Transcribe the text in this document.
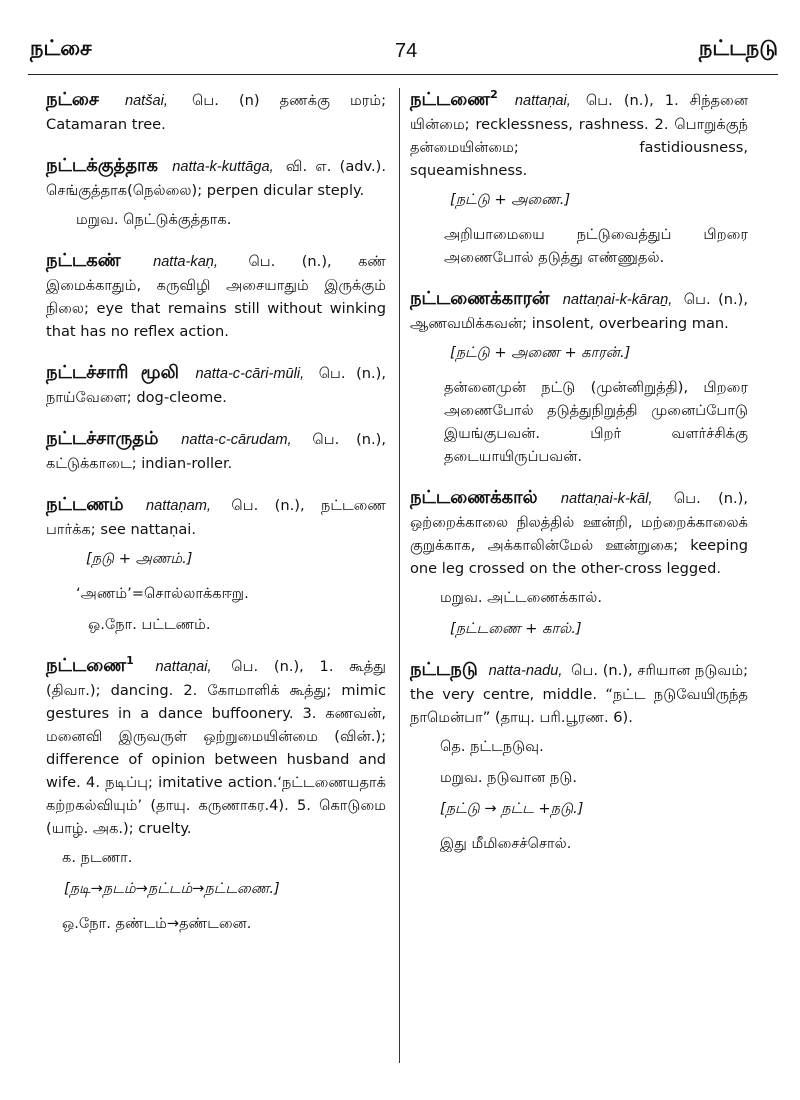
நட்சை	74	நட்டநடு
நட்சை natšai, பெ. (n) தணக்கு மரம்; Catamaran tree.
நட்டக்குத்தாக natta-k-kuttāga, வி. எ. (adv.). செங்குத்தாக(நெல்லை); perpen dicular steply.
மறுவ. நெட்டுக்குத்தாக.
நட்டகண் natta-kaṇ, பெ. (n.), கண் இமைக்காதும், கருவிழி அசையாதும் இருக்கும் நிலை; eye that remains still without winking that has no reflex action.
நட்டச்சாரி மூலி natta-c-cāri-mūli, பெ. (n.), நாய்வேளை; dog-cleome.
நட்டச்சாருதம் natta-c-cārudam, பெ. (n.), கட்டுக்காடை; indian-roller.
நட்டணம் nattaṇam, பெ. (n.), நட்டணை பார்க்க; see nattaṇai.
[நடு + அணம்.]
‘அணம்’=சொல்லாக்கஈறு.
ஒ.நோ. பட்டணம்.
நட்டணை$^1$ nattaṇai, பெ. (n.), 1. கூத்து (திவா.); dancing. 2. கோமாளிக் கூத்து; mimic gestures in a dance buffoonery. 3. கணவன், மனைவி இருவருள் ஒற்றுமையின்மை (வின்.); difference of opinion between husband and wife. 4. நடிப்பு; imitative action.‘நட்டணையதாக் கற்றகல்வியும்’ (தாயு. கருணாகர.4). 5. கொடுமை (யாழ். அக.); cruelty.
க. நடணா.
[நடி→நடம்→நட்டம்→நட்டணை.]
ஒ.நோ. தண்டம்→தண்டனை.
நட்டணை$^2$ nattaṇai, பெ. (n.), 1. சிந்தனை யின்மை; recklessness, rashness. 2. பொறுக்குந் தன்மையின்மை; fastidiousness, squeamishness.
[நட்டு + அணை.]
அறியாமையை நட்டுவைத்துப் பிறரை அணைபோல் தடுத்து எண்ணுதல்.
நட்டணைக்காரன் nattaṇai-k-kāraṉ, பெ. (n.), ஆணவமிக்கவன்; insolent, overbearing man.
[நட்டு + அணை + காரன்.]
தன்னைமுன் நட்டு (முன்னிறுத்தி), பிறரை அணைபோல் தடுத்துநிறுத்தி முனைப்போடு இயங்குபவன். பிறர் வளர்ச்சிக்கு தடையாயிருப்பவன்.
நட்டணைக்கால் nattaṇai-k-kāl, பெ. (n.), ஒற்றைக்காலை நிலத்தில் ஊன்றி, மற்றைக்காலைக் குறுக்காக, அக்காலின்மேல் ஊன்றுகை; keeping one leg crossed on the other-cross legged.
மறுவ. அட்டணைக்கால்.
[நட்டணை + கால்.]
நட்டநடு natta-nadu, பெ. (n.), சரியான நடுவம்; the very centre, middle. “நட்ட நடுவேயிருந்த நாமென்பா” (தாயு. பரி.பூரண. 6).
தெ. நட்டநடுவு.
மறுவ. நடுவான நடு.
[நட்டு → நட்ட +நடு.]
இது மீமிசைச்சொல்.
